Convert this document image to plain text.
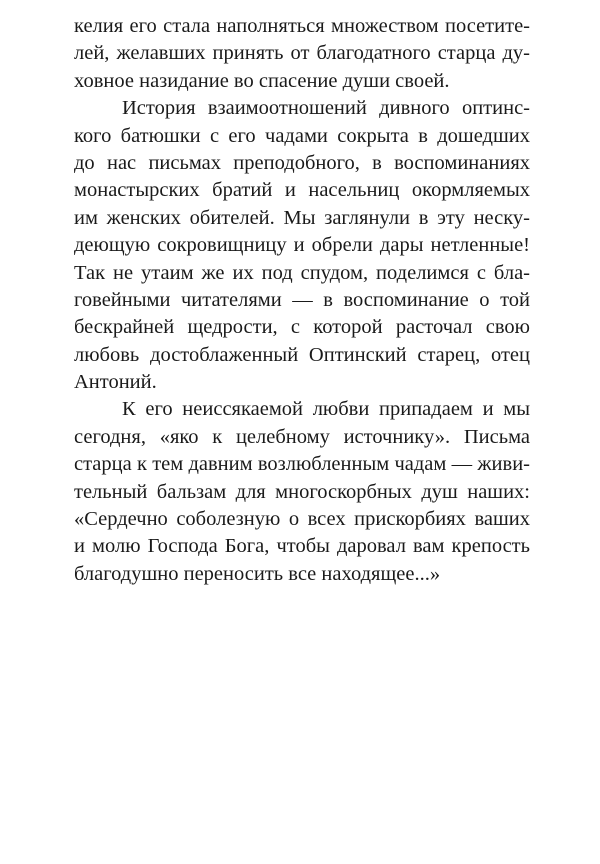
келия его стала наполняться множеством посетите-
лей, желавших принять от благодатного старца ду-
ховное назидание во спасение души своей.
История взаимоотношений дивного оптинс-
кого батюшки с его чадами сокрыта в дошедших
до нас письмах преподобного, в воспоминаниях
монастырских братий и насельниц окормляемых
им женских обителей. Мы заглянули в эту неску-
деющую сокровищницу и обрели дары нетленные!
Так не утаим же их под спудом, поделимся с бла-
говейными читателями — в воспоминание о той
бескрайней щедрости, с которой расточал свою
любовь достоблаженный Оптинский старец, отец
Антоний.
К его неиссякаемой любви припадаем и мы
сегодня, «яко к целебному источнику». Письма
старца к тем давним возлюбленным чадам — живи-
тельный бальзам для многоскорбных душ наших:
«Сердечно соболезную о всех прискорбиях ваших
и молю Господа Бога, чтобы даровал вам крепость
благодушно переносить все находящее...»
